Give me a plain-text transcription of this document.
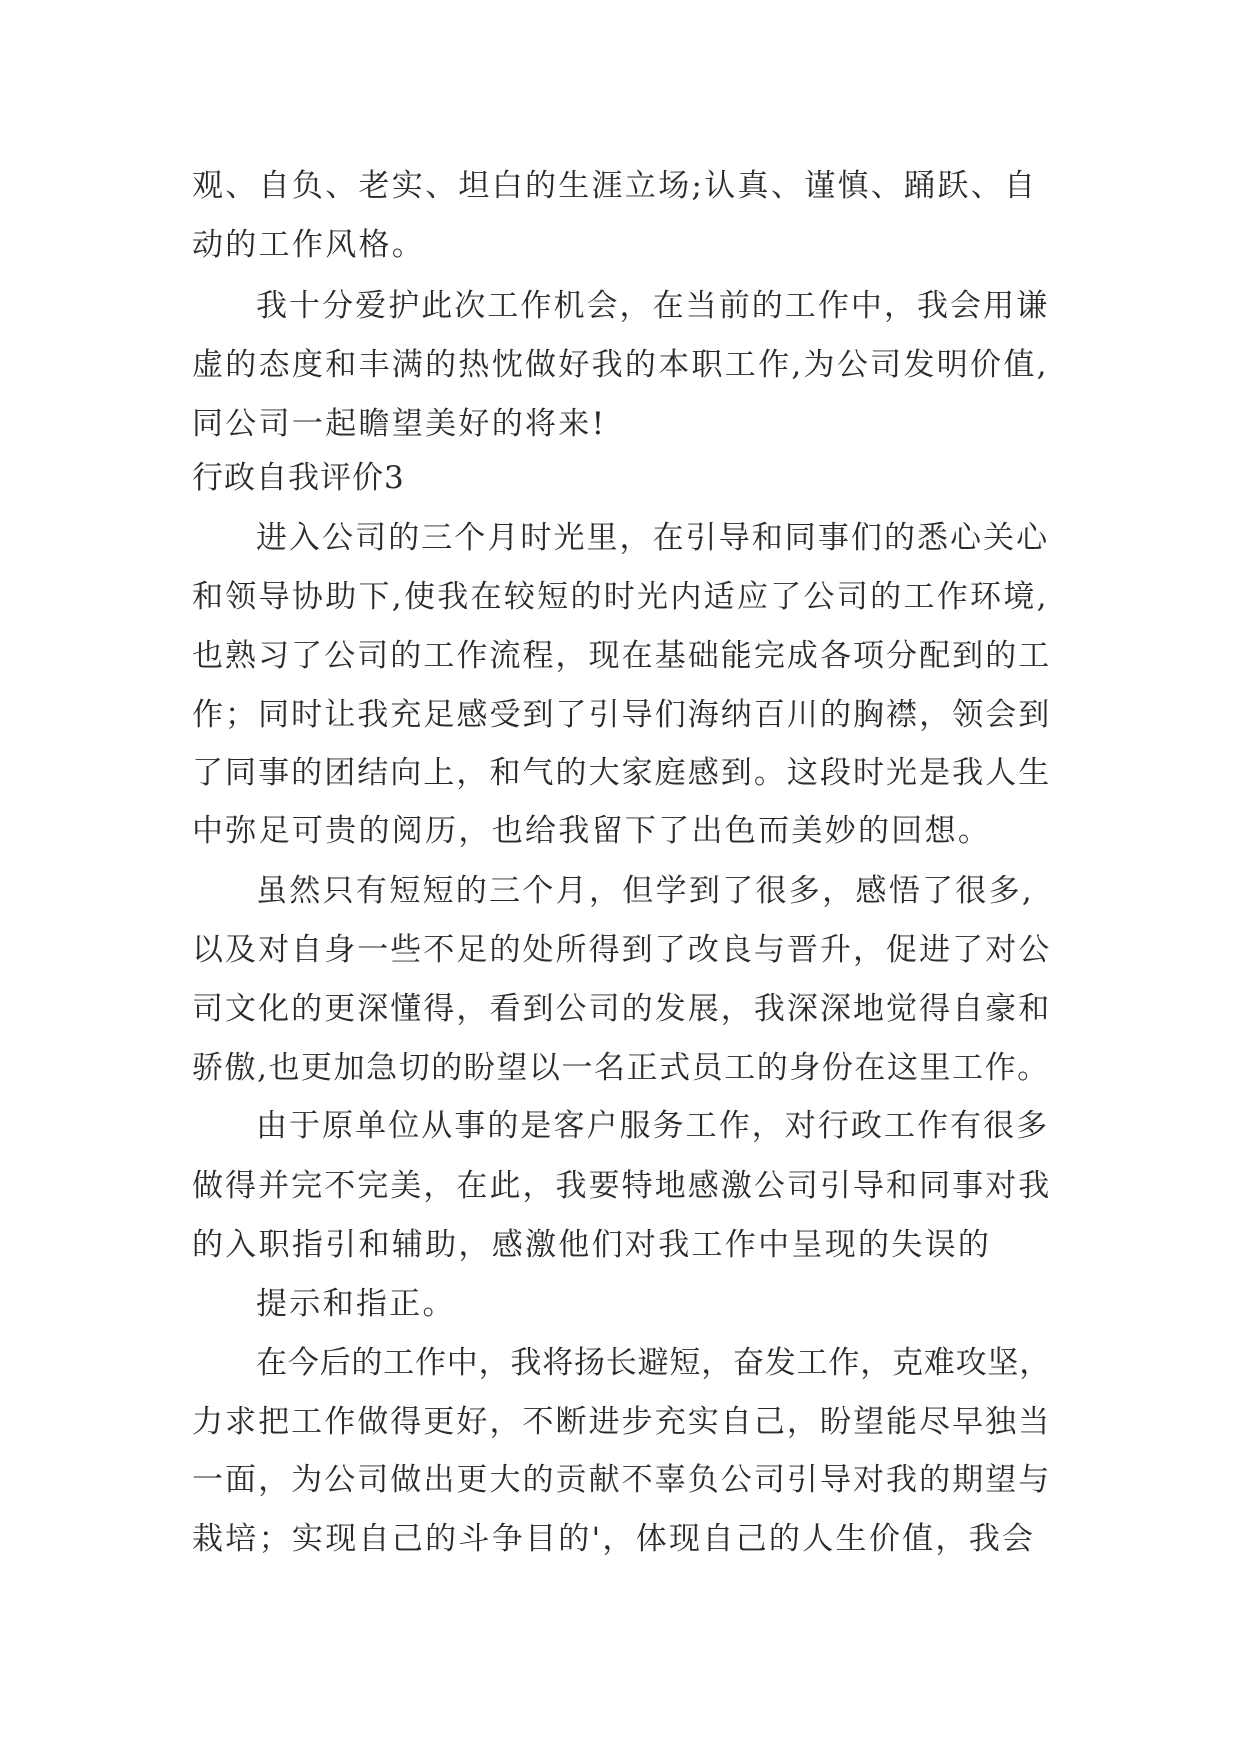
观、自负、老实、坦白的生涯立场;认真、谨慎、踊跃、自

动的工作风格。

我十分爱护此次工作机会，在当前的工作中，我会用谦

虚的态度和丰满的热忱做好我的本职工作,为公司发明价值,

同公司一起瞻望美好的将来!

行政自我评价3

进入公司的三个月时光里，在引导和同事们的悉心关心

和领导协助下,使我在较短的时光内适应了公司的工作环境,

也熟习了公司的工作流程，现在基础能完成各项分配到的工

作；同时让我充足感受到了引导们海纳百川的胸襟，领会到

了同事的团结向上，和气的大家庭感到。这段时光是我人生

中弥足可贵的阅历，也给我留下了出色而美妙的回想。

虽然只有短短的三个月，但学到了很多，感悟了很多,

以及对自身一些不足的处所得到了改良与晋升，促进了对公

司文化的更深懂得，看到公司的发展，我深深地觉得自豪和

骄傲,也更加急切的盼望以一名正式员工的身份在这里工作。

由于原单位从事的是客户服务工作，对行政工作有很多

做得并完不完美，在此，我要特地感激公司引导和同事对我

的入职指引和辅助，感激他们对我工作中呈现的失误的

提示和指正。

在今后的工作中，我将扬长避短，奋发工作，克难攻坚，

力求把工作做得更好，不断进步充实自己，盼望能尽早独当

一面，为公司做出更大的贡献不辜负公司引导对我的期望与

栽培；实现自己的斗争目的'，体现自己的人生价值，我会
